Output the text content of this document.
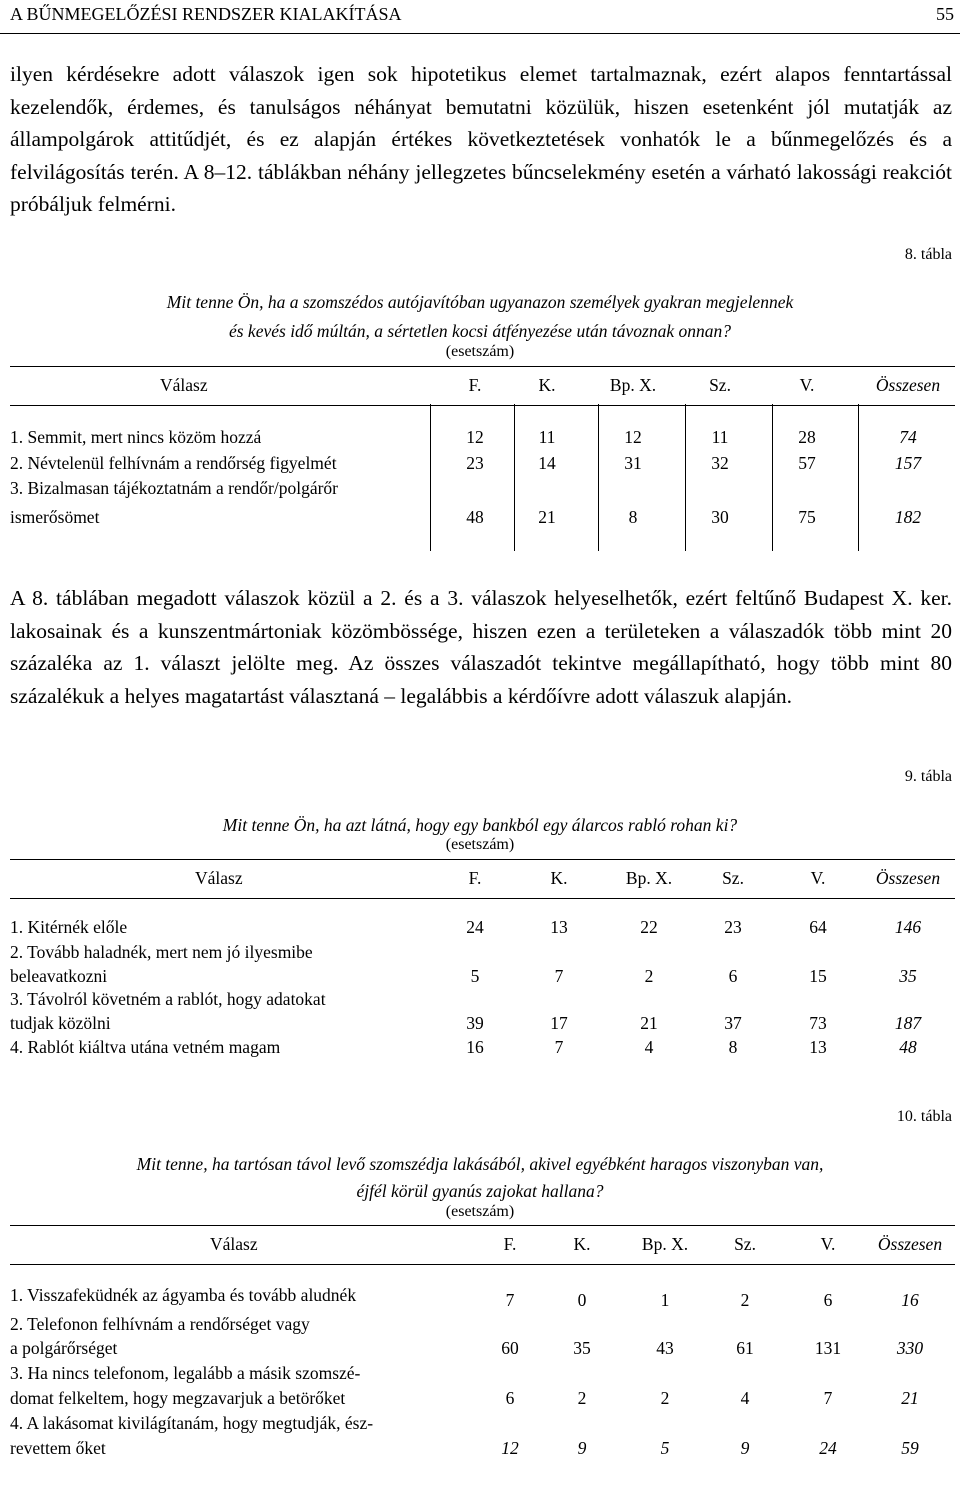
A BŰNMEGELŐZÉSI RENDSZER KIALAKÍTÁSA	55
ilyen kérdésekre adott válaszok igen sok hipotetikus elemet tartalmaznak, ezért alapos fenntartással kezelendők, érdemes, és tanulságos néhányat bemutatni közülük, hiszen esetenként jól mutatják az állampolgárok attitűdjét, és ez alapján értékes következtetések vonhatók le a bűnmegelőzés és a felvilágosítás terén. A 8–12. táblákban néhány jellegzetes bűncselekmény esetén a várható lakossági reakciót próbáljuk felmérni.
8. tábla
Mit tenne Ön, ha a szomszédos autójavítóban ugyanazon személyek gyakran megjelennek
és kevés idő múltán, a sértetlen kocsi átfényezése után távoznak onnan?
(esetszám)
Válasz	F.	K.	Bp. X.	Sz.	V.	Összesen
1. Semmit, mert nincs közöm hozzá	12	11	12	11	28	74
2. Névtelenül felhívnám a rendőrség figyelmét	23	14	31	32	57	157
3. Bizalmasan tájékoztatnám a rendőr/polgárőr
ismerősömet	48	21	8	30	75	182
A 8. táblában megadott válaszok közül a 2. és a 3. válaszok helyeselhetők, ezért feltűnő Budapest X. ker. lakosainak és a kunszentmártoniak közömbössége, hiszen ezen a területeken a válaszadók több mint 20 százaléka az 1. választ jelölte meg. Az összes válaszadót tekintve megállapítható, hogy több mint 80 százalékuk a helyes magatartást választaná – legalábbis a kérdőívre adott válaszuk alapján.
9. tábla
Mit tenne Ön, ha azt látná, hogy egy bankból egy álarcos rabló rohan ki?
(esetszám)
Válasz	F.	K.	Bp. X.	Sz.	V.	Összesen
1. Kitérnék előle	24	13	22	23	64	146
2. Tovább haladnék, mert nem jó ilyesmibe
beleavatkozni	5	7	2	6	15	35
3. Távolról követném a rablót, hogy adatokat
tudjak közölni	39	17	21	37	73	187
4. Rablót kiáltva utána vetném magam	16	7	4	8	13	48
10. tábla
Mit tenne, ha tartósan távol levő szomszédja lakásából, akivel egyébként haragos viszonyban van,
éjfél körül gyanús zajokat hallana?
(esetszám)
Válasz	F.	K.	Bp. X.	Sz.	V.	Összesen
1. Visszafeküdnék az ágyamba és tovább aludnék	7	0	1	2	6	16
2. Telefonon felhívnám a rendőrséget vagy
a polgárőrséget	60	35	43	61	131	330
3. Ha nincs telefonom, legalább a másik szomszé-
domat felkeltem, hogy megzavarjuk a betörőket	6	2	2	4	7	21
4. A lakásomat kivilágítanám, hogy megtudják, ész-
revettem őket	12	9	5	9	24	59
